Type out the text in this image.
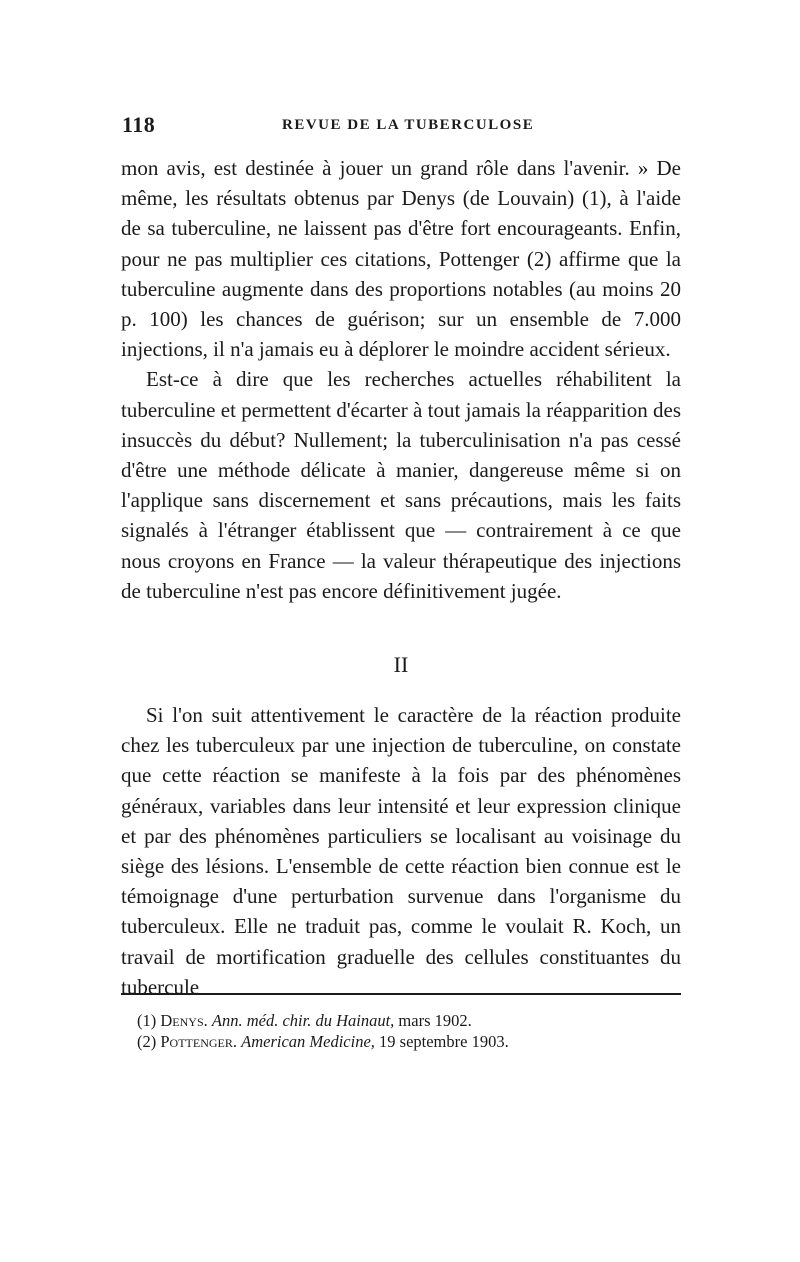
118	REVUE DE LA TUBERCULOSE

mon avis, est destinée à jouer un grand rôle dans l'avenir. » De même, les résultats obtenus par Denys (de Louvain) (1), à l'aide de sa tuberculine, ne laissent pas d'être fort encourageants. Enfin, pour ne pas multiplier ces citations, Pottenger (2) affirme que la tuberculine augmente dans des proportions notables (au moins 20 p. 100) les chances de guérison; sur un ensemble de 7.000 injections, il n'a jamais eu à déplorer le moindre accident sérieux.

Est-ce à dire que les recherches actuelles réhabilitent la tuberculine et permettent d'écarter à tout jamais la réapparition des insuccès du début? Nullement; la tuberculinisation n'a pas cessé d'être une méthode délicate à manier, dangereuse même si on l'applique sans discernement et sans précautions, mais les faits signalés à l'étranger établissent que — contrairement à ce que nous croyons en France — la valeur thérapeutique des injections de tuberculine n'est pas encore définitivement jugée.

II

Si l'on suit attentivement le caractère de la réaction produite chez les tuberculeux par une injection de tuberculine, on constate que cette réaction se manifeste à la fois par des phénomènes généraux, variables dans leur intensité et leur expression clinique et par des phénomènes particuliers se localisant au voisinage du siège des lésions. L'ensemble de cette réaction bien connue est le témoignage d'une perturbation survenue dans l'organisme du tuberculeux. Elle ne traduit pas, comme le voulait R. Koch, un travail de mortification graduelle des cellules constituantes du tubercule

(1) Denys. Ann. méd. chir. du Hainaut, mars 1902.

(2) Pottenger. American Medicine, 19 septembre 1903.
